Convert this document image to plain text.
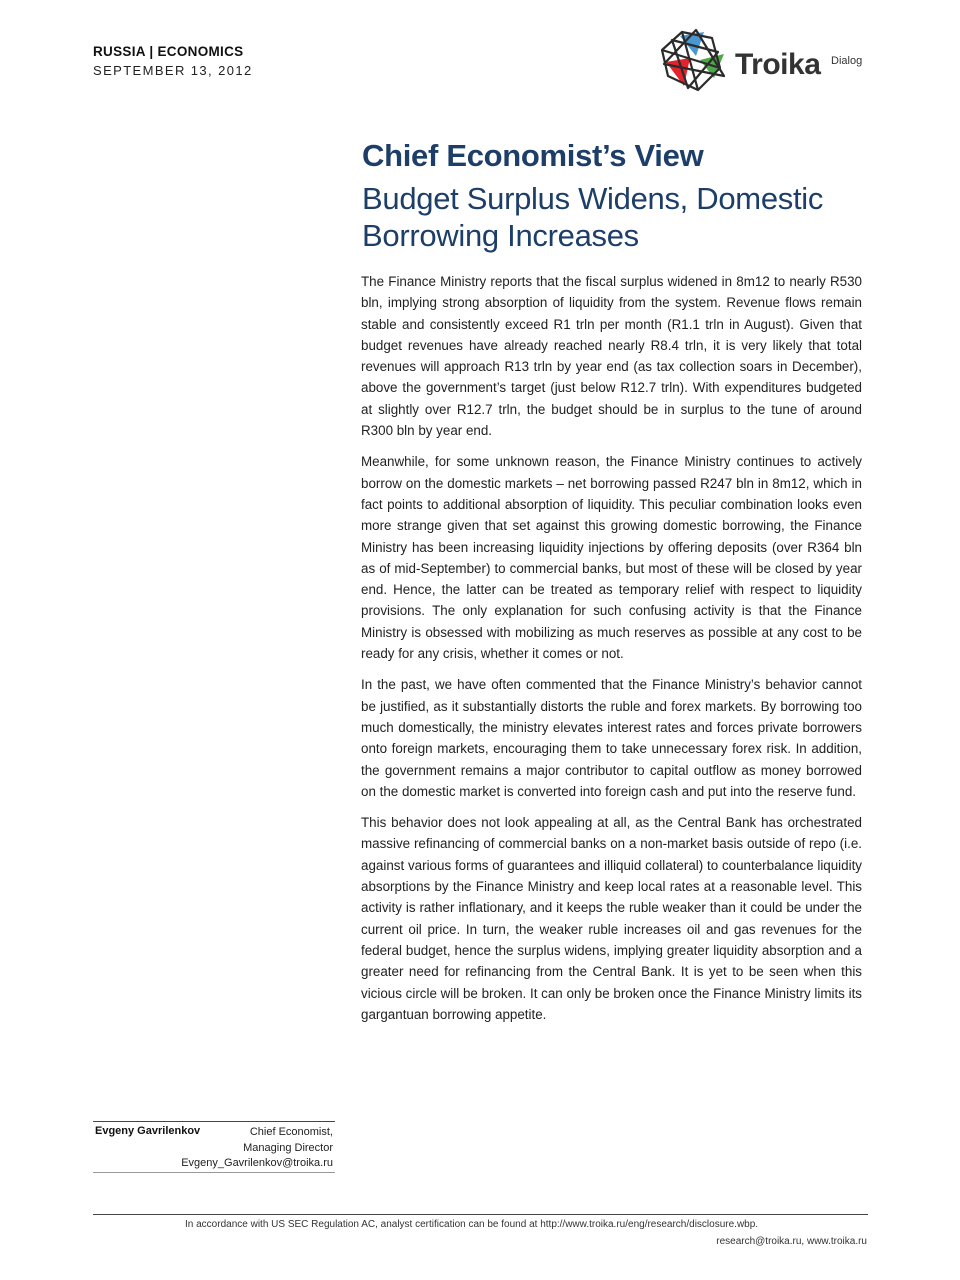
RUSSIA | ECONOMICS
SEPTEMBER 13, 2012	Troika Dialog
Chief Economist’s View
Budget Surplus Widens, Domestic Borrowing Increases

The Finance Ministry reports that the fiscal surplus widened in 8m12 to nearly R530 bln, implying strong absorption of liquidity from the system. Revenue flows remain stable and consistently exceed R1 trln per month (R1.1 trln in August). Given that budget revenues have already reached nearly R8.4 trln, it is very likely that total revenues will approach R13 trln by year end (as tax collection soars in December), above the government’s target (just below R12.7 trln). With expenditures budgeted at slightly over R12.7 trln, the budget should be in surplus to the tune of around R300 bln by year end.

Meanwhile, for some unknown reason, the Finance Ministry continues to actively borrow on the domestic markets – net borrowing passed R247 bln in 8m12, which in fact points to additional absorption of liquidity. This peculiar combination looks even more strange given that set against this growing domestic borrowing, the Finance Ministry has been increasing liquidity injections by offering deposits (over R364 bln as of mid-September) to commercial banks, but most of these will be closed by year end. Hence, the latter can be treated as temporary relief with respect to liquidity provisions. The only explanation for such confusing activity is that the Finance Ministry is obsessed with mobilizing as much reserves as possible at any cost to be ready for any crisis, whether it comes or not.

In the past, we have often commented that the Finance Ministry’s behavior cannot be justified, as it substantially distorts the ruble and forex markets. By borrowing too much domestically, the ministry elevates interest rates and forces private borrowers onto foreign markets, encouraging them to take unnecessary forex risk. In addition, the government remains a major contributor to capital outflow as money borrowed on the domestic market is converted into foreign cash and put into the reserve fund.

This behavior does not look appealing at all, as the Central Bank has orchestrated massive refinancing of commercial banks on a non-market basis outside of repo (i.e. against various forms of guarantees and illiquid collateral) to counterbalance liquidity absorptions by the Finance Ministry and keep local rates at a reasonable level. This activity is rather inflationary, and it keeps the ruble weaker than it could be under the current oil price. In turn, the weaker ruble increases oil and gas revenues for the federal budget, hence the surplus widens, implying greater liquidity absorption and a greater need for refinancing from the Central Bank. It is yet to be seen when this vicious circle will be broken. It can only be broken once the Finance Ministry limits its gargantuan borrowing appetite.

Evgeny Gavrilenkov	Chief Economist,
Managing Director
Evgeny_Gavrilenkov@troika.ru
In accordance with US SEC Regulation AC, analyst certification can be found at http://www.troika.ru/eng/research/disclosure.wbp.
research@troika.ru, www.troika.ru
